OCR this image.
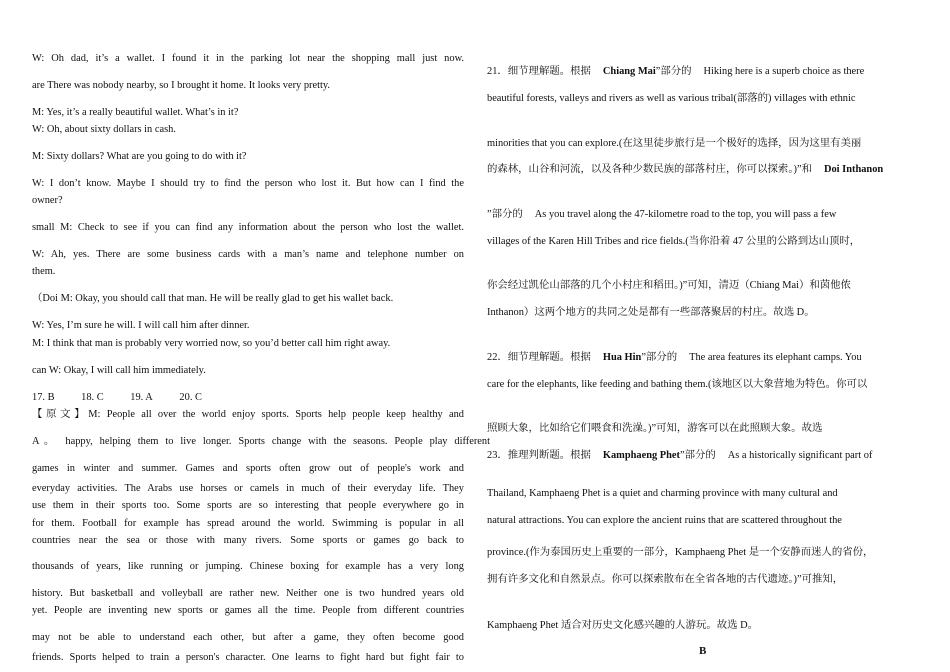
W: Oh dad, it’s a wallet. I found it in the parking lot near the shopping mall just now.
are There was nobody nearby, so I brought it home. It looks very pretty.
M: Yes, it’s a really beautiful wallet. What’s in it?
W: Oh, about sixty dollars in cash.
M: Sixty dollars? What are you going to do with it?
W: I don’t know. Maybe I should try to find the person who lost it. But how can I find the
owner?
small M: Check to see if you can find any information about the person who lost the wallet.
W: Ah, yes. There are some business cards with a man’s name and telephone number on
them.
（Doi M: Okay, you should call that man. He will be really glad to get his wallet back.
W: Yes, I’m sure he will. I will call him after dinner.
M: I think that man is probably very worried now, so you’d better call him right away.
can W: Okay, I will call him immediately.
17. B	18. C	19. A	20. C
【原文】M: People all over the world enjoy sports. Sports help people keep healthy and
A。 happy, helping them to live longer. Sports change with the seasons. People play different
games in winter and summer. Games and sports often grow out of people's work and
everyday activities. The Arabs use horses or camels in much of their everyday life. They
use them in their sports too. Some sports are so interesting that people everywhere go in
for them. Football for example has spread around the world. Swimming is popular in all
countries near the sea or those with many rivers. Some sports or games go back to
thousands of years, like running or jumping. Chinese boxing for example has a very long
history. But basketball and volleyball are rather new. Neither one is two hundred years old
yet. People are inventing new sports or games all the time. People from different countries
may not be able to understand each other, but after a game, they often become good
friends. Sports helped to train a person's character. One learns to fight hard but fight fair to
21．细节理解题。根据 Chiang Mai”部分的 Hiking here is a superb choice as there
beautiful forests, valleys and rivers as well as various tribal(部落的) villages with ethnic
minorities that you can explore.(在这里徒步旅行是一个极好的选择，因为这里有美丽
的森林，山谷和河流，以及各种少数民族的部落村庄，你可以探索。)”和 Doi Inthanon
”部分的 As you travel along the 47-kilometre road to the top, you will pass a few
villages of the Karen Hill Tribes and rice fields.(当你沿着 47 公里的公路到达山顶时，
你会经过凯伦山部落的几个小村庄和稻田。)”可知，清迈（Chiang Mai）和茵他侬
Inthanon）这两个地方的共同之处是都有一些部落聚居的村庄。故选 D。
22．细节理解题。根据 Hua Hin”部分的 The area features its elephant camps. You
care for the elephants, like feeding and bathing them.(该地区以大象营地为特色。你可以
照顾大象，比如给它们喂食和洗澡。)”可知，游客可以在此照顾大象。故选
23．推理判断题。根据 Kamphaeng Phet”部分的 As a historically significant part of
Thailand, Kamphaeng Phet is a quiet and charming province with many cultural and
natural attractions. You can explore the ancient ruins that are scattered throughout the
province.(作为泰国历史上重要的一部分，Kamphaeng Phet 是一个安静而迷人的省份，
拥有许多文化和自然景点。你可以探索散布在全省各地的古代遗迹。)”可推知，
Kamphaeng Phet 适合对历史文化感兴趣的人游玩。故选 D。
B
